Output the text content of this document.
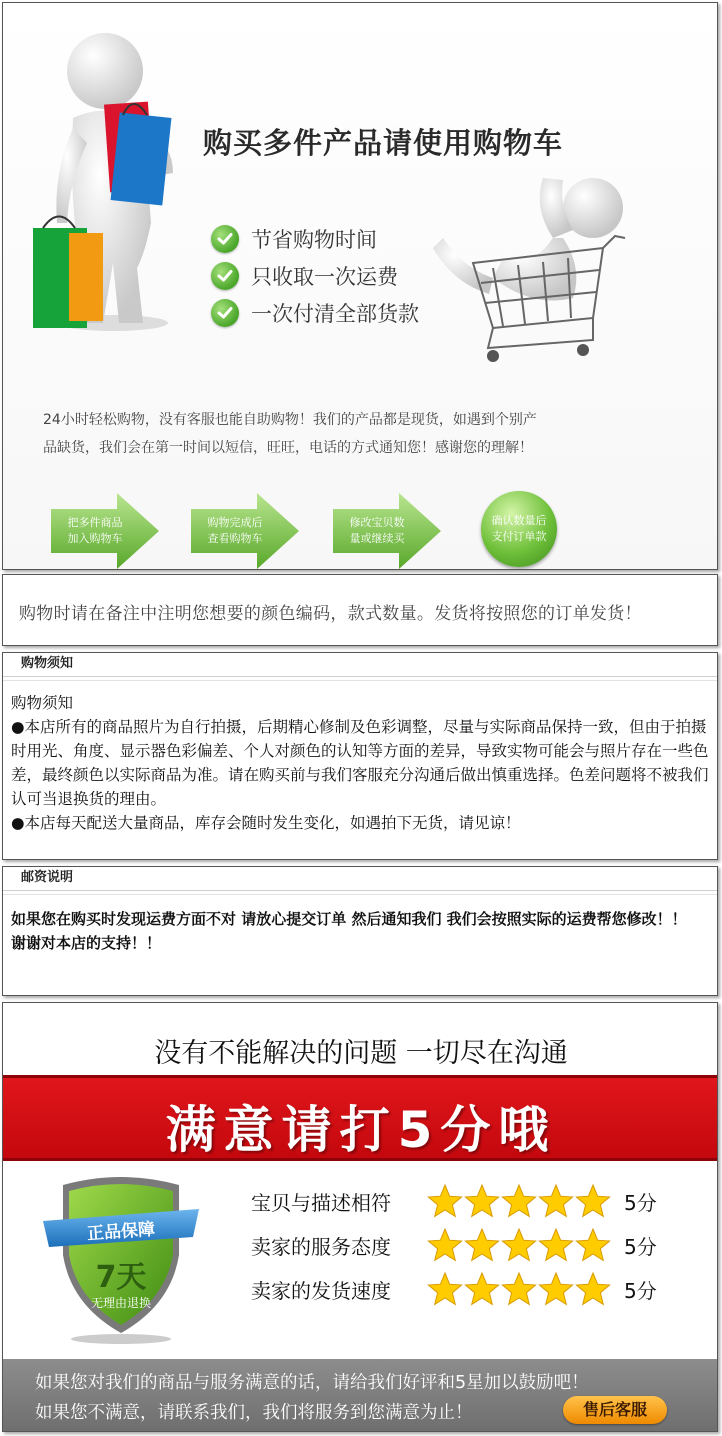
购买多件产品请使用购物车
节省购物时间
只收取一次运费
一次付清全部货款
24小时轻松购物，没有客服也能自助购物！我们的产品都是现货，如遇到个别产
品缺货，我们会在第一时间以短信，旺旺，电话的方式通知您！感谢您的理解！
把多件商品
加入购物车
购物完成后
查看购物车
修改宝贝数
量或继续买
确认数量后
支付订单款
购物时请在备注中注明您想要的颜色编码，款式数量。发货将按照您的订单发货！
购物须知
购物须知
●本店所有的商品照片为自行拍摄，后期精心修制及色彩调整，尽量与实际商品保持一致，但由于拍摄时用光、角度、显示器色彩偏差、个人对颜色的认知等方面的差异，导致实物可能会与照片存在一些色差，最终颜色以实际商品为准。请在购买前与我们客服充分沟通后做出慎重选择。色差问题将不被我们认可当退换货的理由。
●本店每天配送大量商品，库存会随时发生变化，如遇拍下无货，请见谅！
邮资说明
如果您在购买时发现运费方面不对 请放心提交订单 然后通知我们 我们会按照实际的运费帮您修改！！
谢谢对本店的支持！！
没有不能解决的问题 一切尽在沟通
满意请打5分哦
正品保障
7天
无理由退换
宝贝与描述相符	5分
卖家的服务态度	5分
卖家的发货速度	5分
如果您对我们的商品与服务满意的话，请给我们好评和5星加以鼓励吧！
如果您不满意，请联系我们，我们将服务到您满意为止！	售后客服
